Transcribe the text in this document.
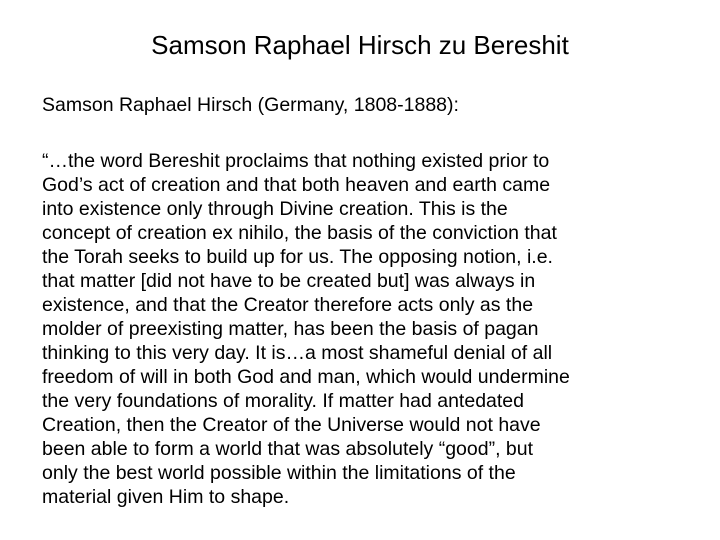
Samson Raphael Hirsch zu Bereshit

Samson Raphael Hirsch (Germany, 1808-1888):

“…the word Bereshit proclaims that nothing existed prior to
God’s act of creation and that both heaven and earth came
into existence only through Divine creation. This is the
concept of creation ex nihilo, the basis of the conviction that
the Torah seeks to build up for us. The opposing notion, i.e.
that matter [did not have to be created but] was always in
existence, and that the Creator therefore acts only as the
molder of preexisting matter, has been the basis of pagan
thinking to this very day. It is…a most shameful denial of all
freedom of will in both God and man, which would undermine
the very foundations of morality. If matter had antedated
Creation, then the Creator of the Universe would not have
been able to form a world that was absolutely “good”, but
only the best world possible within the limitations of the
material given Him to shape.
